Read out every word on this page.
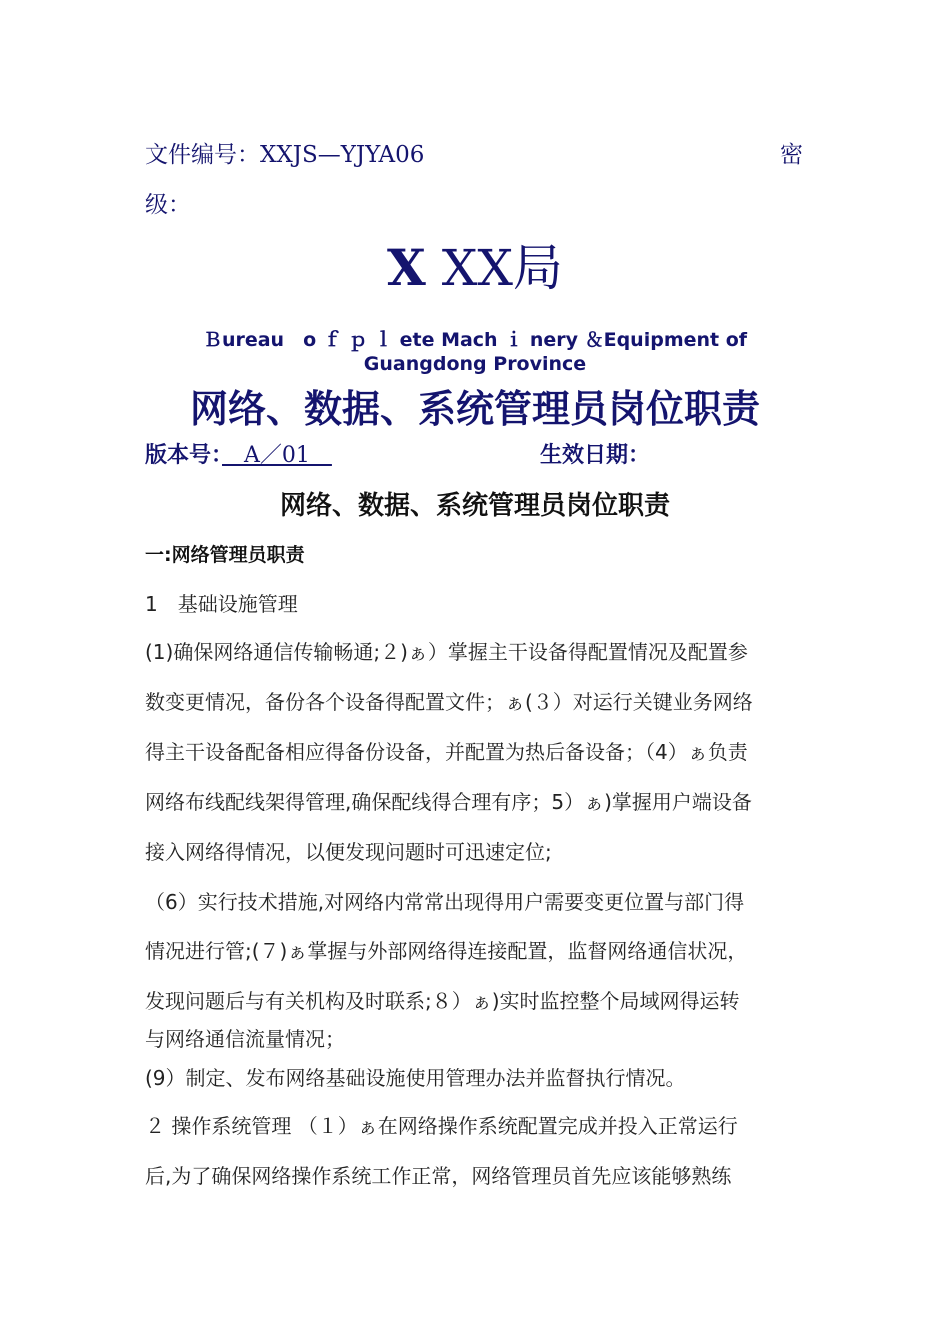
文件编号：XXJS—YJYA06	密
级：
X XX局
Ｂureau　o ｆ ｐ ｌ ete Mach ｉ nery ＆Equipment of
Guangdong Province
网络、数据、系统管理员岗位职责
版本号：　A／01　	生效日期：
网络、数据、系统管理员岗位职责
一:网络管理员职责
1　基础设施管理
(1)确保网络通信传输畅通;２)ぁ）掌握主干设备得配置情况及配置参
数变更情况，备份各个设备得配置文件；ぁ(３）对运行关键业务网络
得主干设备配备相应得备份设备，并配置为热后备设备；（4）ぁ负责
网络布线配线架得管理,确保配线得合理有序；5）ぁ)掌握用户端设备
接入网络得情况，以便发现问题时可迅速定位;
（6）实行技术措施,对网络内常常出现得用户需要变更位置与部门得
情况进行管;(７)ぁ掌握与外部网络得连接配置，监督网络通信状况，
发现问题后与有关机构及时联系;８）ぁ)实时监控整个局域网得运转
与网络通信流量情况；
(9）制定、发布网络基础设施使用管理办法并监督执行情况。
２ 操作系统管理 （１）ぁ在网络操作系统配置完成并投入正常运行
后,为了确保网络操作系统工作正常，网络管理员首先应该能够熟练
